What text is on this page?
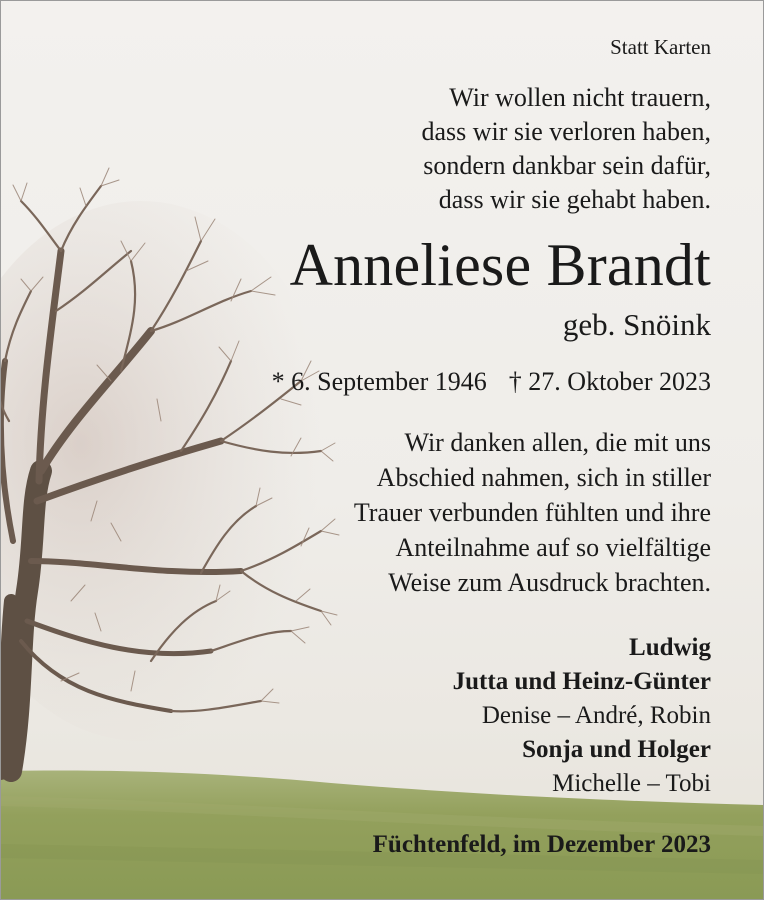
Statt Karten
Wir wollen nicht trauern,
dass wir sie verloren haben,
sondern dankbar sein dafür,
dass wir sie gehabt haben.
Anneliese Brandt
geb. Snöink
* 6. September 1946 † 27. Oktober 2023
Wir danken allen, die mit uns
Abschied nahmen, sich in stiller
Trauer verbunden fühlten und ihre
Anteilnahme auf so vielfältige
Weise zum Ausdruck brachten.
Ludwig
Jutta und Heinz-Günter
Denise – André, Robin
Sonja und Holger
Michelle – Tobi
Füchtenfeld, im Dezember 2023
